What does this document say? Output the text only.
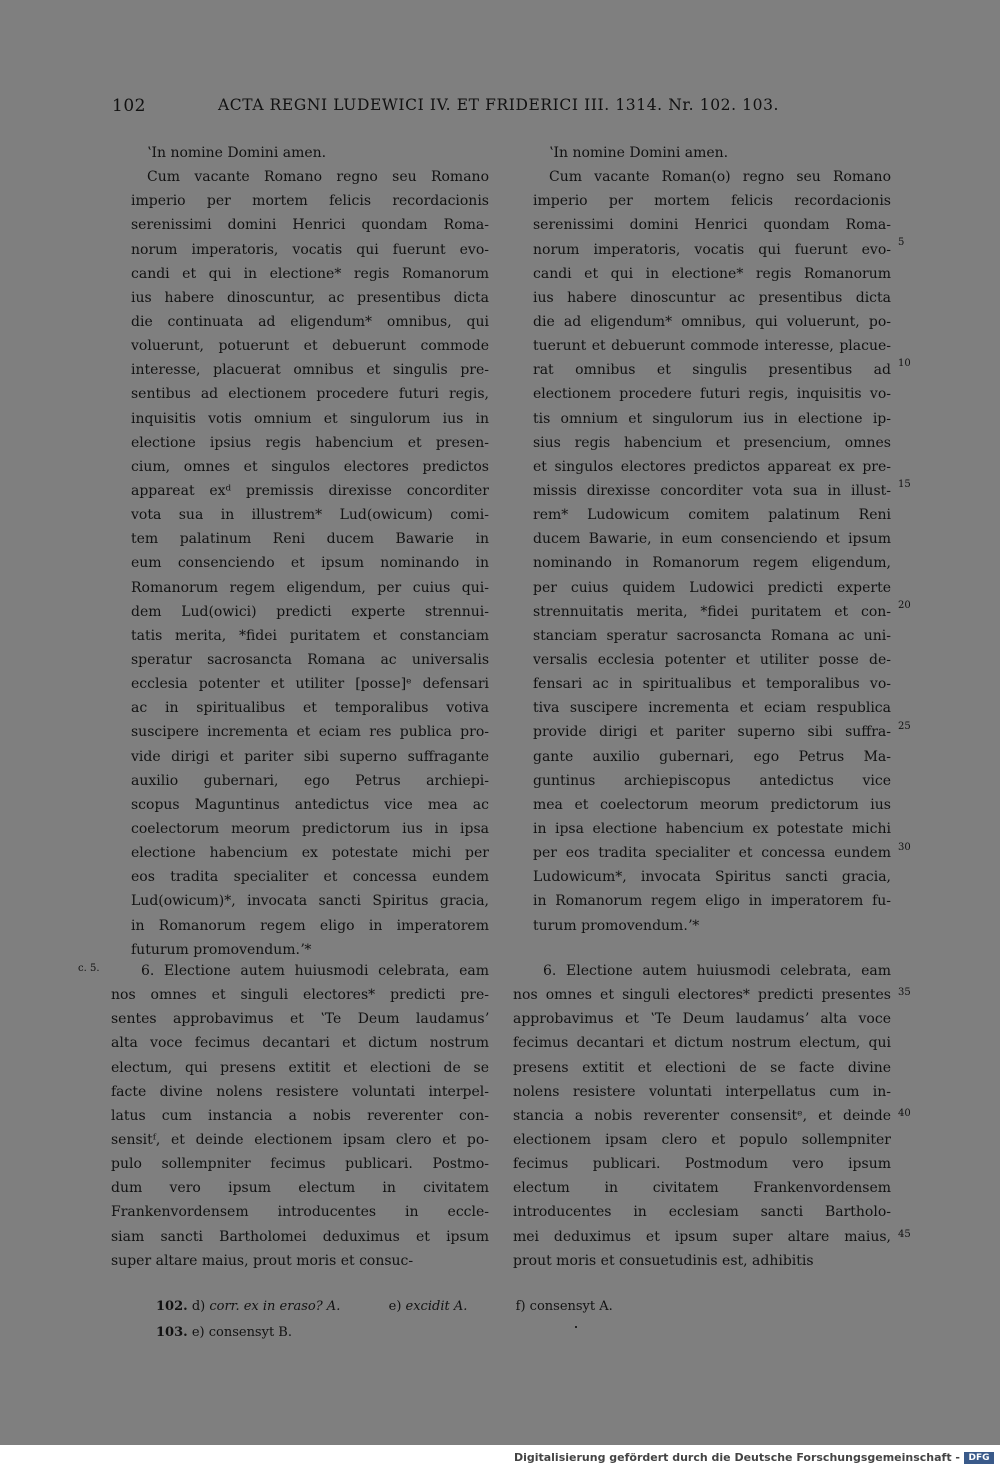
102	ACTA REGNI LUDEWICI IV. ET FRIDERICI III. 1314. Nr. 102. 103.
ʽIn nomine Domini amen.
Cum vacante Romano regno seu Romano
imperio per mortem felicis recordacionis
serenissimi domini Henrici quondam Roma-
norum imperatoris, vocatis qui fuerunt evo-
candi et qui in electione* regis Romanorum
ius habere dinoscuntur, ac presentibus dicta
die continuata ad eligendum* omnibus, qui
voluerunt, potuerunt et debuerunt commode
interesse, placuerat omnibus et singulis pre-
sentibus ad electionem procedere futuri regis,
inquisitis votis omnium et singulorum ius in
electione ipsius regis habencium et presen-
cium, omnes et singulos electores predictos
appareat exᵈ premissis direxisse concorditer
vota sua in illustrem* Lud(owicum) comi-
tem palatinum Reni ducem Bawarie in
eum consenciendo et ipsum nominando in
Romanorum regem eligendum, per cuius qui-
dem Lud(owici) predicti experte strennui-
tatis merita, *fidei puritatem et constanciam
speratur sacrosancta Romana ac universalis
ecclesia potenter et utiliter [posse]ᵉ defensari
ac in spiritualibus et temporalibus votiva
suscipere incrementa et eciam res publica pro-
vide dirigi et pariter sibi superno suffragante
auxilio gubernari, ego Petrus archiepi-
scopus Maguntinus antedictus vice mea ac
coelectorum meorum predictorum ius in ipsa
electione habencium ex potestate michi per
eos tradita specialiter et concessa eundem
Lud(owicum)*, invocata sancti Spiritus gracia,
in Romanorum regem eligo in imperatorem
futurum promovendum.ʼ*
ʽIn nomine Domini amen.
Cum vacante Roman(o) regno seu Romano
imperio per mortem felicis recordacionis
serenissimi domini Henrici quondam Roma-
norum imperatoris, vocatis qui fuerunt evo-
candi et qui in electione* regis Romanorum
ius habere dinoscuntur ac presentibus dicta
die ad eligendum* omnibus, qui voluerunt, po-
tuerunt et debuerunt commode interesse, placue-
rat omnibus et singulis presentibus ad
electionem procedere futuri regis, inquisitis vo-
tis omnium et singulorum ius in electione ip-
sius regis habencium et presencium, omnes
et singulos electores predictos appareat ex pre-
missis direxisse concorditer vota sua in illust-
rem* Ludowicum comitem palatinum Reni
ducem Bawarie, in eum consenciendo et ipsum
nominando in Romanorum regem eligendum,
per cuius quidem Ludowici predicti experte
strennuitatis merita, *fidei puritatem et con-
stanciam speratur sacrosancta Romana ac uni-
versalis ecclesia potenter et utiliter posse de-
fensari ac in spiritualibus et temporalibus vo-
tiva suscipere incrementa et eciam respublica
provide dirigi et pariter superno sibi suffra-
gante auxilio gubernari, ego Petrus Ma-
guntinus archiepiscopus antedictus vice
mea et coelectorum meorum predictorum ius
in ipsa electione habencium ex potestate michi
per eos tradita specialiter et concessa eundem
Ludowicum*, invocata Spiritus sancti gracia,
in Romanorum regem eligo in imperatorem fu-
turum promovendum.ʼ*
6. Electione autem huiusmodi celebrata, eam
nos omnes et singuli electores* predicti pre-
sentes approbavimus et ʽTe Deum laudamusʼ
alta voce fecimus decantari et dictum nostrum
electum, qui presens extitit et electioni de se
facte divine nolens resistere voluntati interpel-
latus cum instancia a nobis reverenter con-
sensitᶠ, et deinde electionem ipsam clero et po-
pulo sollempniter fecimus publicari. Postmo-
dum vero ipsum electum in civitatem
Frankenvordensem introducentes in eccle-
siam sancti Bartholomei deduximus et ipsum
super altare maius, prout moris et consuc-
6. Electione autem huiusmodi celebrata, eam
nos omnes et singuli electores* predicti presentes
approbavimus et ʽTe Deum laudamusʼ alta voce
fecimus decantari et dictum nostrum electum, qui
presens extitit et electioni de se facte divine
nolens resistere voluntati interpellatus cum in-
stancia a nobis reverenter consensitᵉ, et deinde
electionem ipsam clero et populo sollempniter
fecimus publicari. Postmodum vero ipsum
electum in civitatem Frankenvordensem
introducentes in ecclesiam sancti Bartholo-
mei deduximus et ipsum super altare maius,
prout moris et consuetudinis est, adhibitis
c. 5.
5
10
15
20
25
30
35
40
45
102. d) corr. ex in eraso? A.	e) excidit A.	f) consensyt A.
103. e) consensyt B.
Digitalisierung gefördert durch die Deutsche Forschungsgemeinschaft - DFG
